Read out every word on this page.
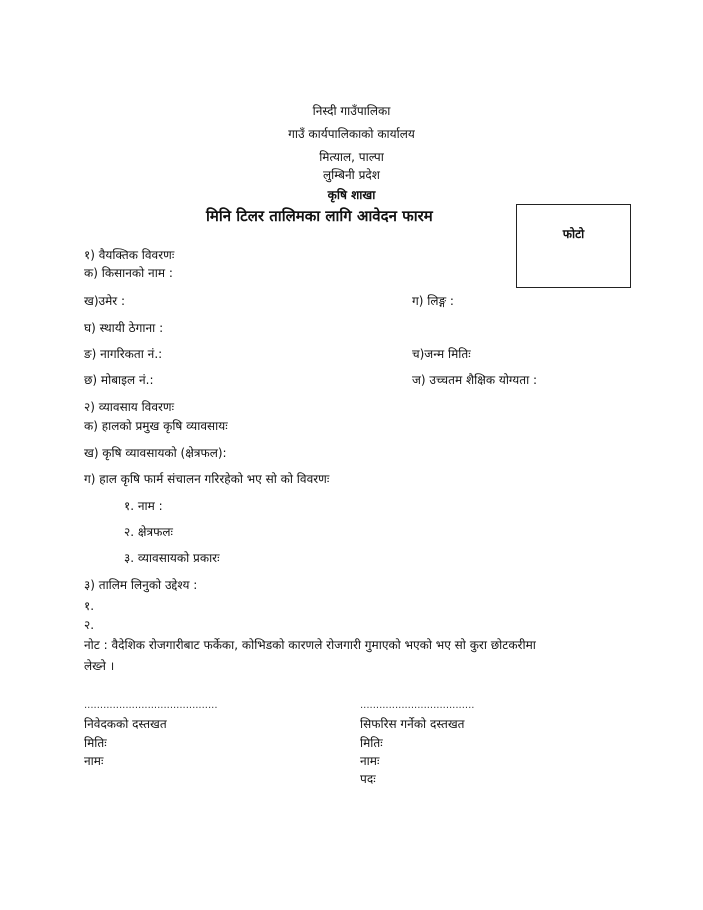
निस्दी गाउँपालिका
गाउँ कार्यपालिकाको कार्यालय
मित्याल, पाल्पा
लुम्बिनी प्रदेश
कृषि शाखा
मिनि टिलर तालिमका लागि आवेदन फारम
फोटो
१) वैयक्तिक विवरणः
क) किसानको नाम :
ख)उमेर :	ग) लिङ्ग :
घ) स्थायी ठेगाना :
ङ) नागरिकता नं.:	च)जन्म मितिः
छ) मोबाइल नं.:	ज) उच्चतम शैक्षिक योग्यता :
२) व्यावसाय विवरणः
क) हालको प्रमुख कृषि व्यावसायः
ख) कृषि व्यावसायको (क्षेत्रफल):
ग) हाल कृषि फार्म संचालन गरिरहेको भए सो को विवरणः
१. नाम :
२. क्षेत्रफलः
३. व्यावसायको प्रकारः
३) तालिम लिनुको उद्देश्य :
१.
२.
नोट : वैदेशिक रोजगारीबाट फर्केका, कोभिडको कारणले रोजगारी गुमाएको भएको भए सो कुरा छोटकरीमा
लेख्ने ।
..........................................
निवेदकको दस्तखत
मितिः
नामः
....................................
सिफरिस गर्नेको दस्तखत
मितिः
नामः
पदः
